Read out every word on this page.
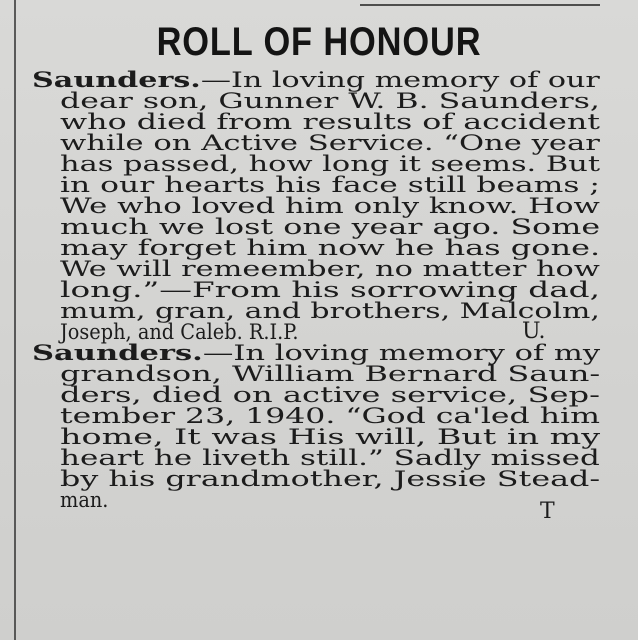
ROLL OF HONOUR
Saunders.—In loving memory of our
dear son, Gunner W. B. Saunders,
who died from results of accident
while on Active Service. “One year
has passed, how long it seems. But
in our hearts his face still beams ;
We who loved him only know. How
much we lost one year ago. Some
may forget him now he has gone.
We will remeember, no matter how
long.”—From his sorrowing dad,
mum, gran, and brothers, Malcolm,
Joseph, and Caleb. R.I.P.	U.
Saunders.—In loving memory of my
grandson, William Bernard Saun-
ders, died on active service, Sep-
tember 23, 1940. “God ca'led him
home, It was His will, But in my
heart he liveth still.” Sadly missed
by his grandmother, Jessie Stead-
man.	T
